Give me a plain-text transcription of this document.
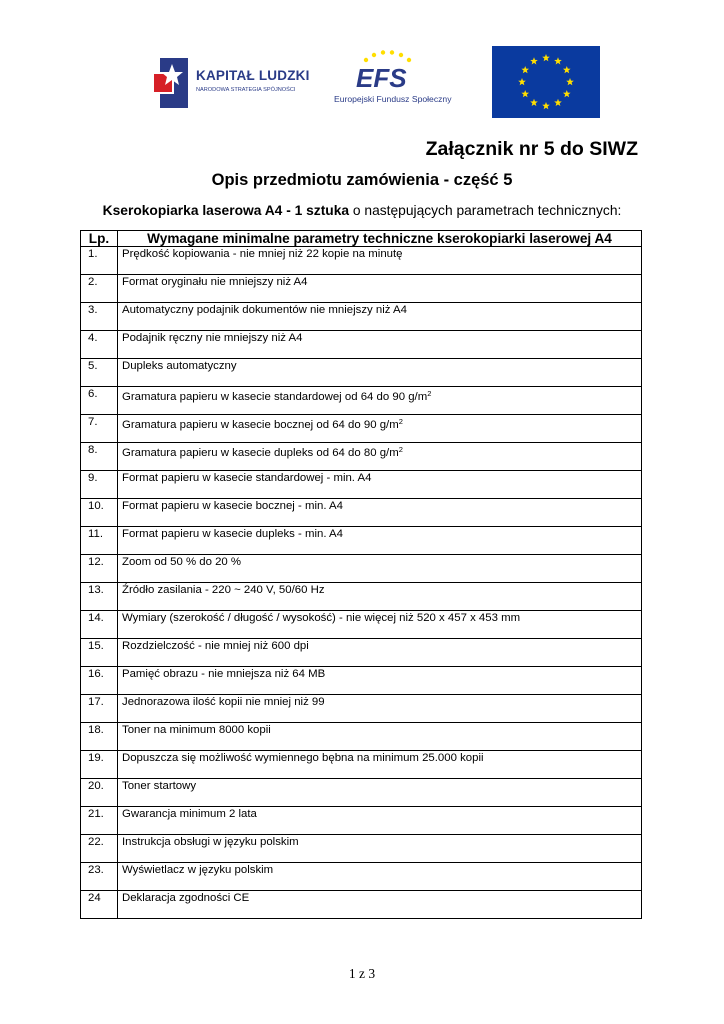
KAPITAŁ LUDZKI
NARODOWA STRATEGIA SPÓJNOŚCI EFS
Europejski Fundusz Społeczny
Załącznik nr 5 do SIWZ
Opis przedmiotu zamówienia - część 5
Kserokopiarka laserowa A4 - 1 sztuka o następujących parametrach technicznych:
Lp.	Wymagane minimalne parametry techniczne kserokopiarki laserowej A4
1.	Prędkość kopiowania - nie mniej niż 22 kopie na minutę
2.	Format oryginału nie mniejszy niż A4
3.	Automatyczny podajnik dokumentów nie mniejszy niż A4
4.	Podajnik ręczny nie mniejszy niż A4
5.	Dupleks automatyczny
6.	Gramatura papieru w kasecie standardowej od 64 do 90 $g/m^2$
7.	Gramatura papieru w kasecie bocznej od 64 do 90 $g/m^2$
8.	Gramatura papieru w kasecie dupleks od 64 do 80 $g/m^2$
9.	Format papieru w kasecie standardowej - min. A4
10.	Format papieru w kasecie bocznej - min. A4
11.	Format papieru w kasecie dupleks - min. A4
12.	Zoom od 50 % do 20 %
13.	Źródło zasilania - 220 ~ 240 V, 50/60 Hz
14.	Wymiary (szerokość / długość / wysokość) - nie więcej niż 520 x 457 x 453 mm
15.	Rozdzielczość - nie mniej niż 600 dpi
16.	Pamięć obrazu - nie mniejsza niż 64 MB
17.	Jednorazowa ilość kopii nie mniej niż 99
18.	Toner na minimum 8000 kopii
19.	Dopuszcza się możliwość wymiennego bębna na minimum 25.000 kopii
20.	Toner startowy
21.	Gwarancja minimum 2 lata
22.	Instrukcja obsługi w języku polskim
23.	Wyświetlacz w języku polskim
24	Deklaracja zgodności CE
1 z 3
